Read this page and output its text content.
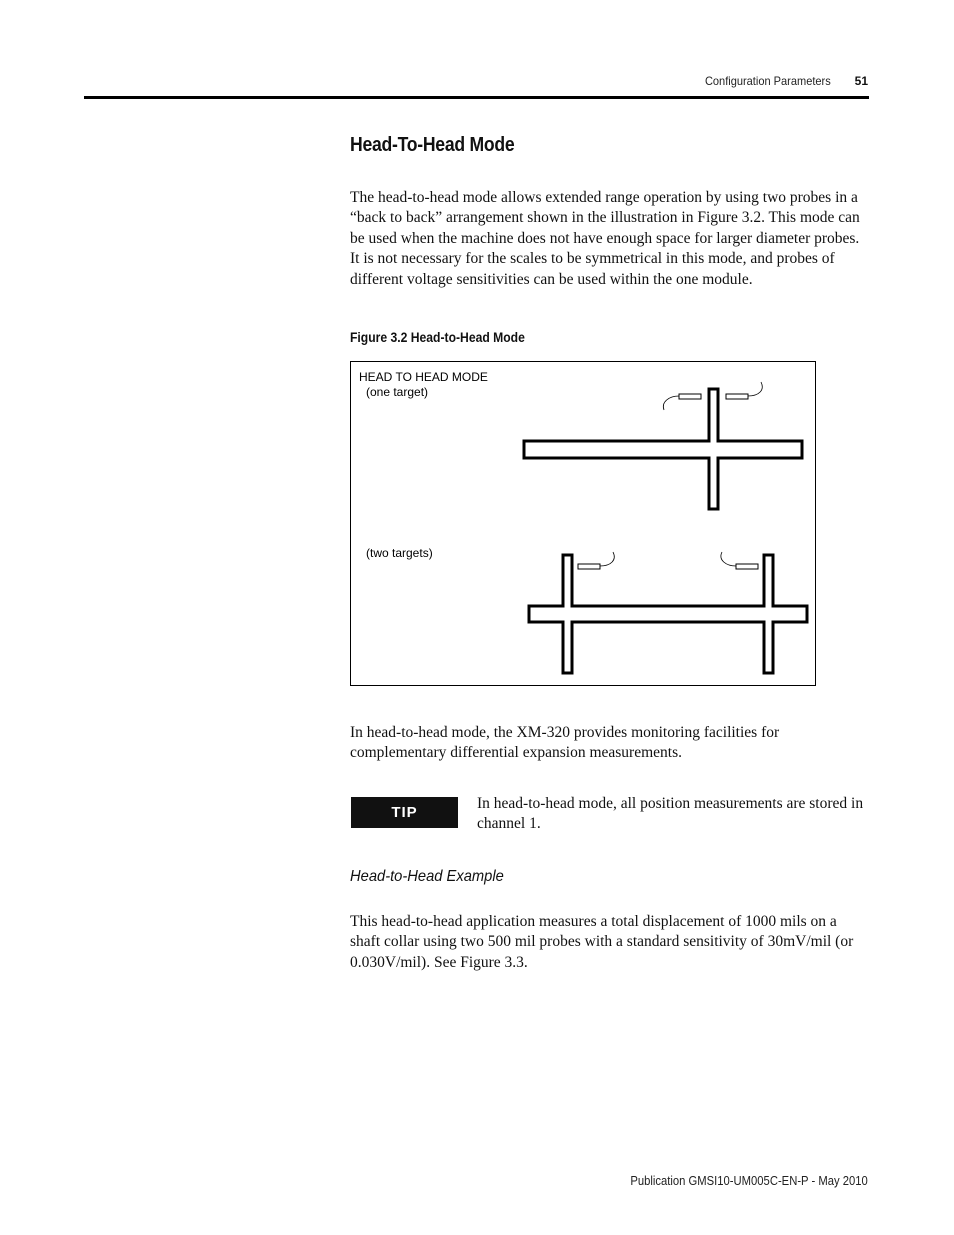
Configuration Parameters 51
Head-To-Head Mode

The head-to-head mode allows extended range operation by using two probes in a “back to back” arrangement shown in the illustration in Figure 3.2. This mode can be used when the machine does not have enough space for larger diameter probes. It is not necessary for the scales to be symmetrical in this mode, and probes of different voltage sensitivities can be used within the one module.

Figure 3.2 Head-to-Head Mode
HEAD TO HEAD MODE
(one target)
(two targets)

In head-to-head mode, the XM-320 provides monitoring facilities for complementary differential expansion measurements.

TIP

In head-to-head mode, all position measurements are stored in channel 1.

Head-to-Head Example

This head-to-head application measures a total displacement of 1000 mils on a shaft collar using two 500 mil probes with a standard sensitivity of 30mV/mil (or 0.030V/mil). See Figure 3.3.

Publication GMSI10-UM005C-EN-P - May 2010
